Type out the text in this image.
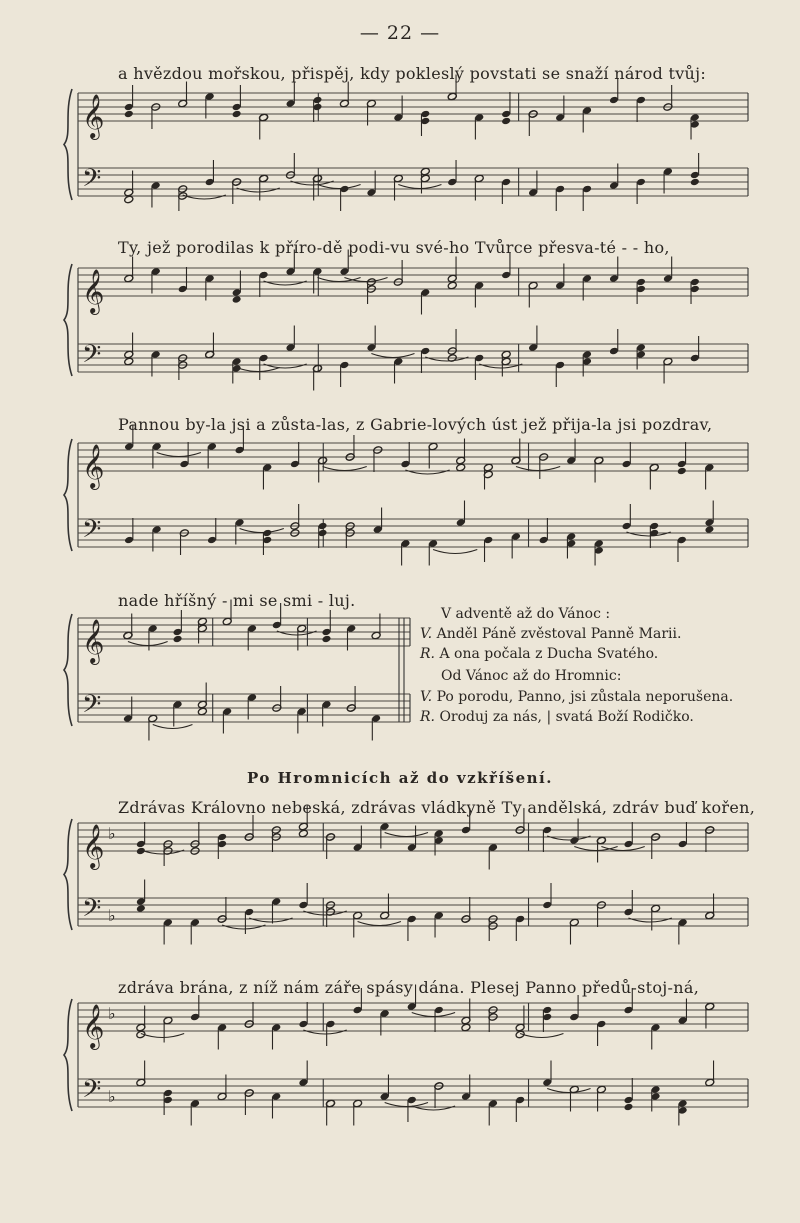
— 22 —
a hvězdou mořskou, přispěj, kdy pokleslý povstati se snaží národ tvůj:
Ty, jež porodilas k příro-dě podi-vu své-ho Tvůrce přesva-té - - ho,
Pannou by-la jsi a zůsta-las, z Gabrie-lových úst jež přija-la jsi pozdrav,
nade hříšný - mi se smi - luj.
V adventě až do Vánoc :
V. Anděl Páně zvěstoval Panně Marii.
R. A ona počala z Ducha Svatého.
Od Vánoc až do Hromnic:
V. Po porodu, Panno, jsi zůstala neporušena.
R. Oroduj za nás, | svatá Boží Rodičko.
Po Hromnicích až do vzkříšení.
Zdrávas Královno nebeská, zdrávas vládkyně Ty andělská, zdráv buď kořen,
zdráva brána, z níž nám záře spásy dána. Plesej Panno předů-stoj-ná,
𝄞
𝄢
𝄞
𝄢
𝄞
𝄢
𝄞
𝄢
𝄞
𝄢
♭
♭
𝄞
𝄢
♭
♭
